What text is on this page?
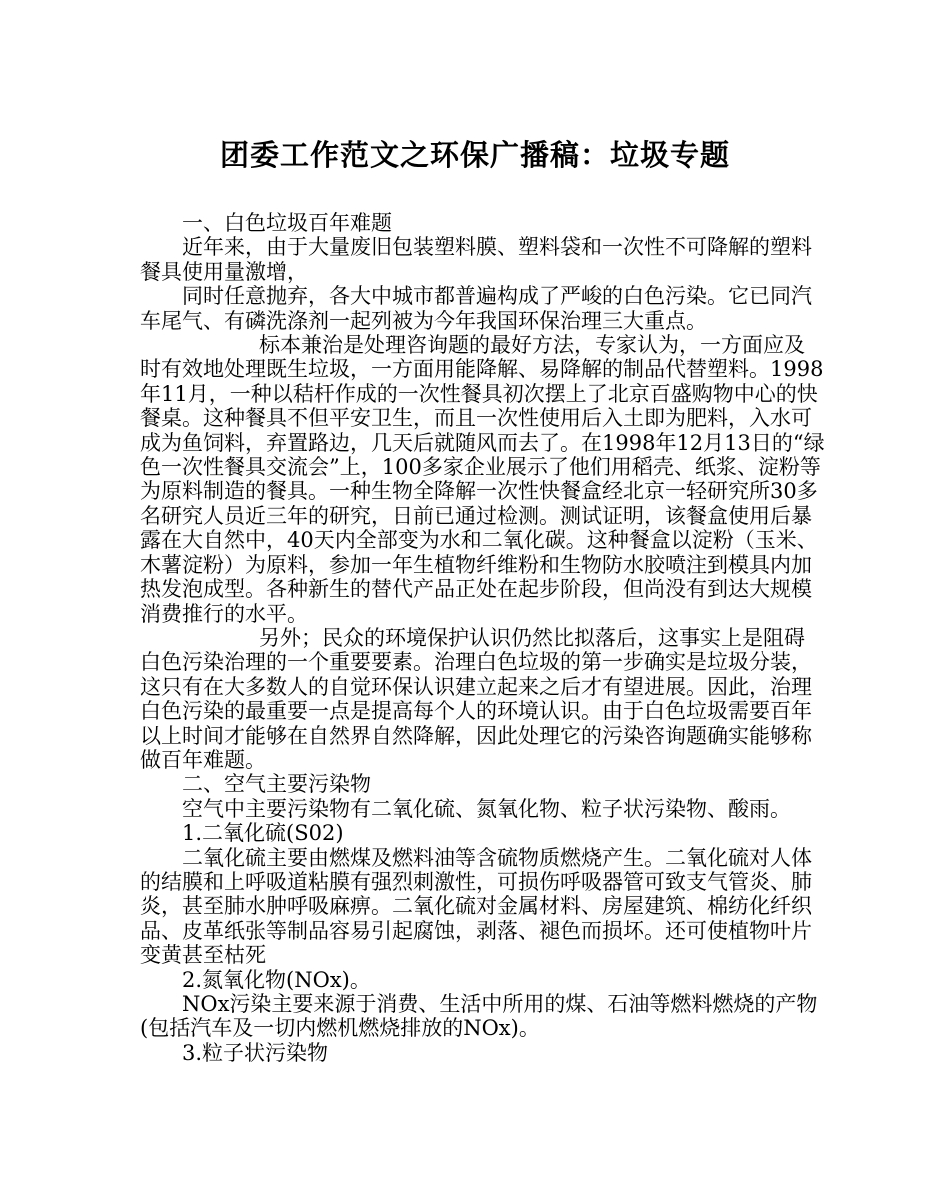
团委工作范文之环保广播稿：垃圾专题

一、白色垃圾百年难题

近年来，由于大量废旧包装塑料膜、塑料袋和一次性不可降解的塑料餐具使用量激增，

同时任意抛弃，各大中城市都普遍构成了严峻的白色污染。它已同汽 车尾气、有磷洗涤剂一起列被为今年我国环保治理三大重点。

标本兼治是处理咨询题的最好方法，专家认为，一方面应及时有效地处理既生垃圾，一方面用能降解、易降解的制品代替塑料。1998年11月，一种以秸杆作成的一次性餐具初次摆上了北京百盛购物中心的快餐桌。这种餐具不但平安卫生，而且一次性使用后入土即为肥料，入水可成为鱼饲料，弃置路边，几天后就随风而去了。在1998年12月13日的“绿色一次性餐具交流会”上，100多家企业展示了他们用稻壳、纸浆、淀粉等为原料制造的餐具。一种生物全降解一次性快餐盒经北京一轻研究所30多名研究人员近三年的研究，日前已通过检测。测试证明，该餐盒使用后暴露在大自然中，40天内全部变为水和二氧化碳。这种餐盒以淀粉（玉米、木薯淀粉）为原料，参加一年生植物纤维粉和生物防水胶喷注到模具内加热发泡成型。各种新生的替代产品正处在起步阶段，但尚没有到达大规模消费推行的水平。

另外；民众的环境保护认识仍然比拟落后，这事实上是阻碍白色污染治理的一个重要要素。治理白色垃圾的第一步确实是垃圾分装，这只有在大多数人的自觉环保认识建立起来之后才有望进展。因此，治理白色污染的最重要一点是提高每个人的环境认识。由于白色垃圾需要百年以上时间才能够在自然界自然降解，因此处理它的污染咨询题确实能够称做百年难题。

二、空气主要污染物

空气中主要污染物有二氧化硫、氮氧化物、粒子状污染物、酸雨。

1.二氧化硫(S02)

二氧化硫主要由燃煤及燃料油等含硫物质燃烧产生。二氧化硫对人体的结膜和上呼吸道粘膜有强烈刺激性，可损伤呼吸器管可致支气管炎、肺炎，甚至肺水肿呼吸麻痹。二氧化硫对金属材料、房屋建筑、棉纺化纤织品、皮革纸张等制品容易引起腐蚀，剥落、褪色而损坏。还可使植物叶片变黄甚至枯死

2.氮氧化物(NOx)。

NOx污染主要来源于消费、生活中所用的煤、石油等燃料燃烧的产物(包括汽车及一切内燃机燃烧排放的NOx)。

3.粒子状污染物
